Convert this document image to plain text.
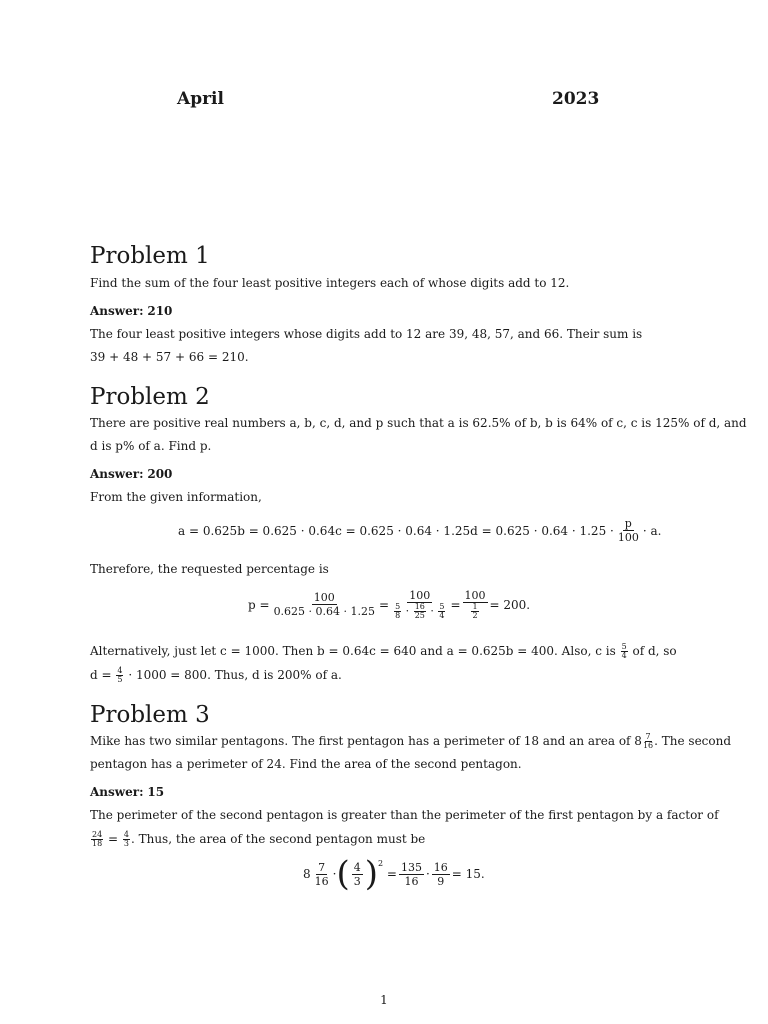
April	2023
Problem 1
Find the sum of the four least positive integers each of whose digits add to 12.
Answer: 210
The four least positive integers whose digits add to 12 are 39, 48, 57, and 66. Their sum is
39 + 48 + 57 + 66 = 210.
Problem 2
There are positive real numbers a, b, c, d, and p such that a is 62.5% of b, b is 64% of c, c is 125% of d, and
d is p% of a. Find p.
Answer: 200
From the given information,
$a = 0.625b = 0.625 \cdot 0.64c = 0.625 \cdot 0.64 \cdot 1.25d = 0.625 \cdot 0.64 \cdot 1.25 \cdot \frac{p}{100} \cdot a$.
Therefore, the requested percentage is
$p = \frac{100}{0.625 \cdot 0.64 \cdot 1.25} = \frac{100}{\frac{5}{8} \cdot \frac{16}{25} \cdot \frac{5}{4}} = \frac{100}{\frac{1}{2}} = 200$.
Alternatively, just let c = 1000. Then b = 0.64c = 640 and a = 0.625b = 400. Also, c is $\frac{5}{4}$ of d, so
$d = \frac{4}{5} \cdot 1000 = 800$. Thus, d is 200% of a.
Problem 3
Mike has two similar pentagons. The first pentagon has a perimeter of 18 and an area of $8 \frac{7}{16}$ . The second
pentagon has a perimeter of 24. Find the area of the second pentagon.
Answer: 15
The perimeter of the second pentagon is greater than the perimeter of the first pentagon by a factor of
$\frac{24}{18} = \frac{4}{3}$ . Thus, the area of the second pentagon must be
$8 \frac{7}{16}$ · ( $\frac{4}{3} )^2$
= $\frac{135}{16} \cdot \frac{16}{9} = 15$.
1
